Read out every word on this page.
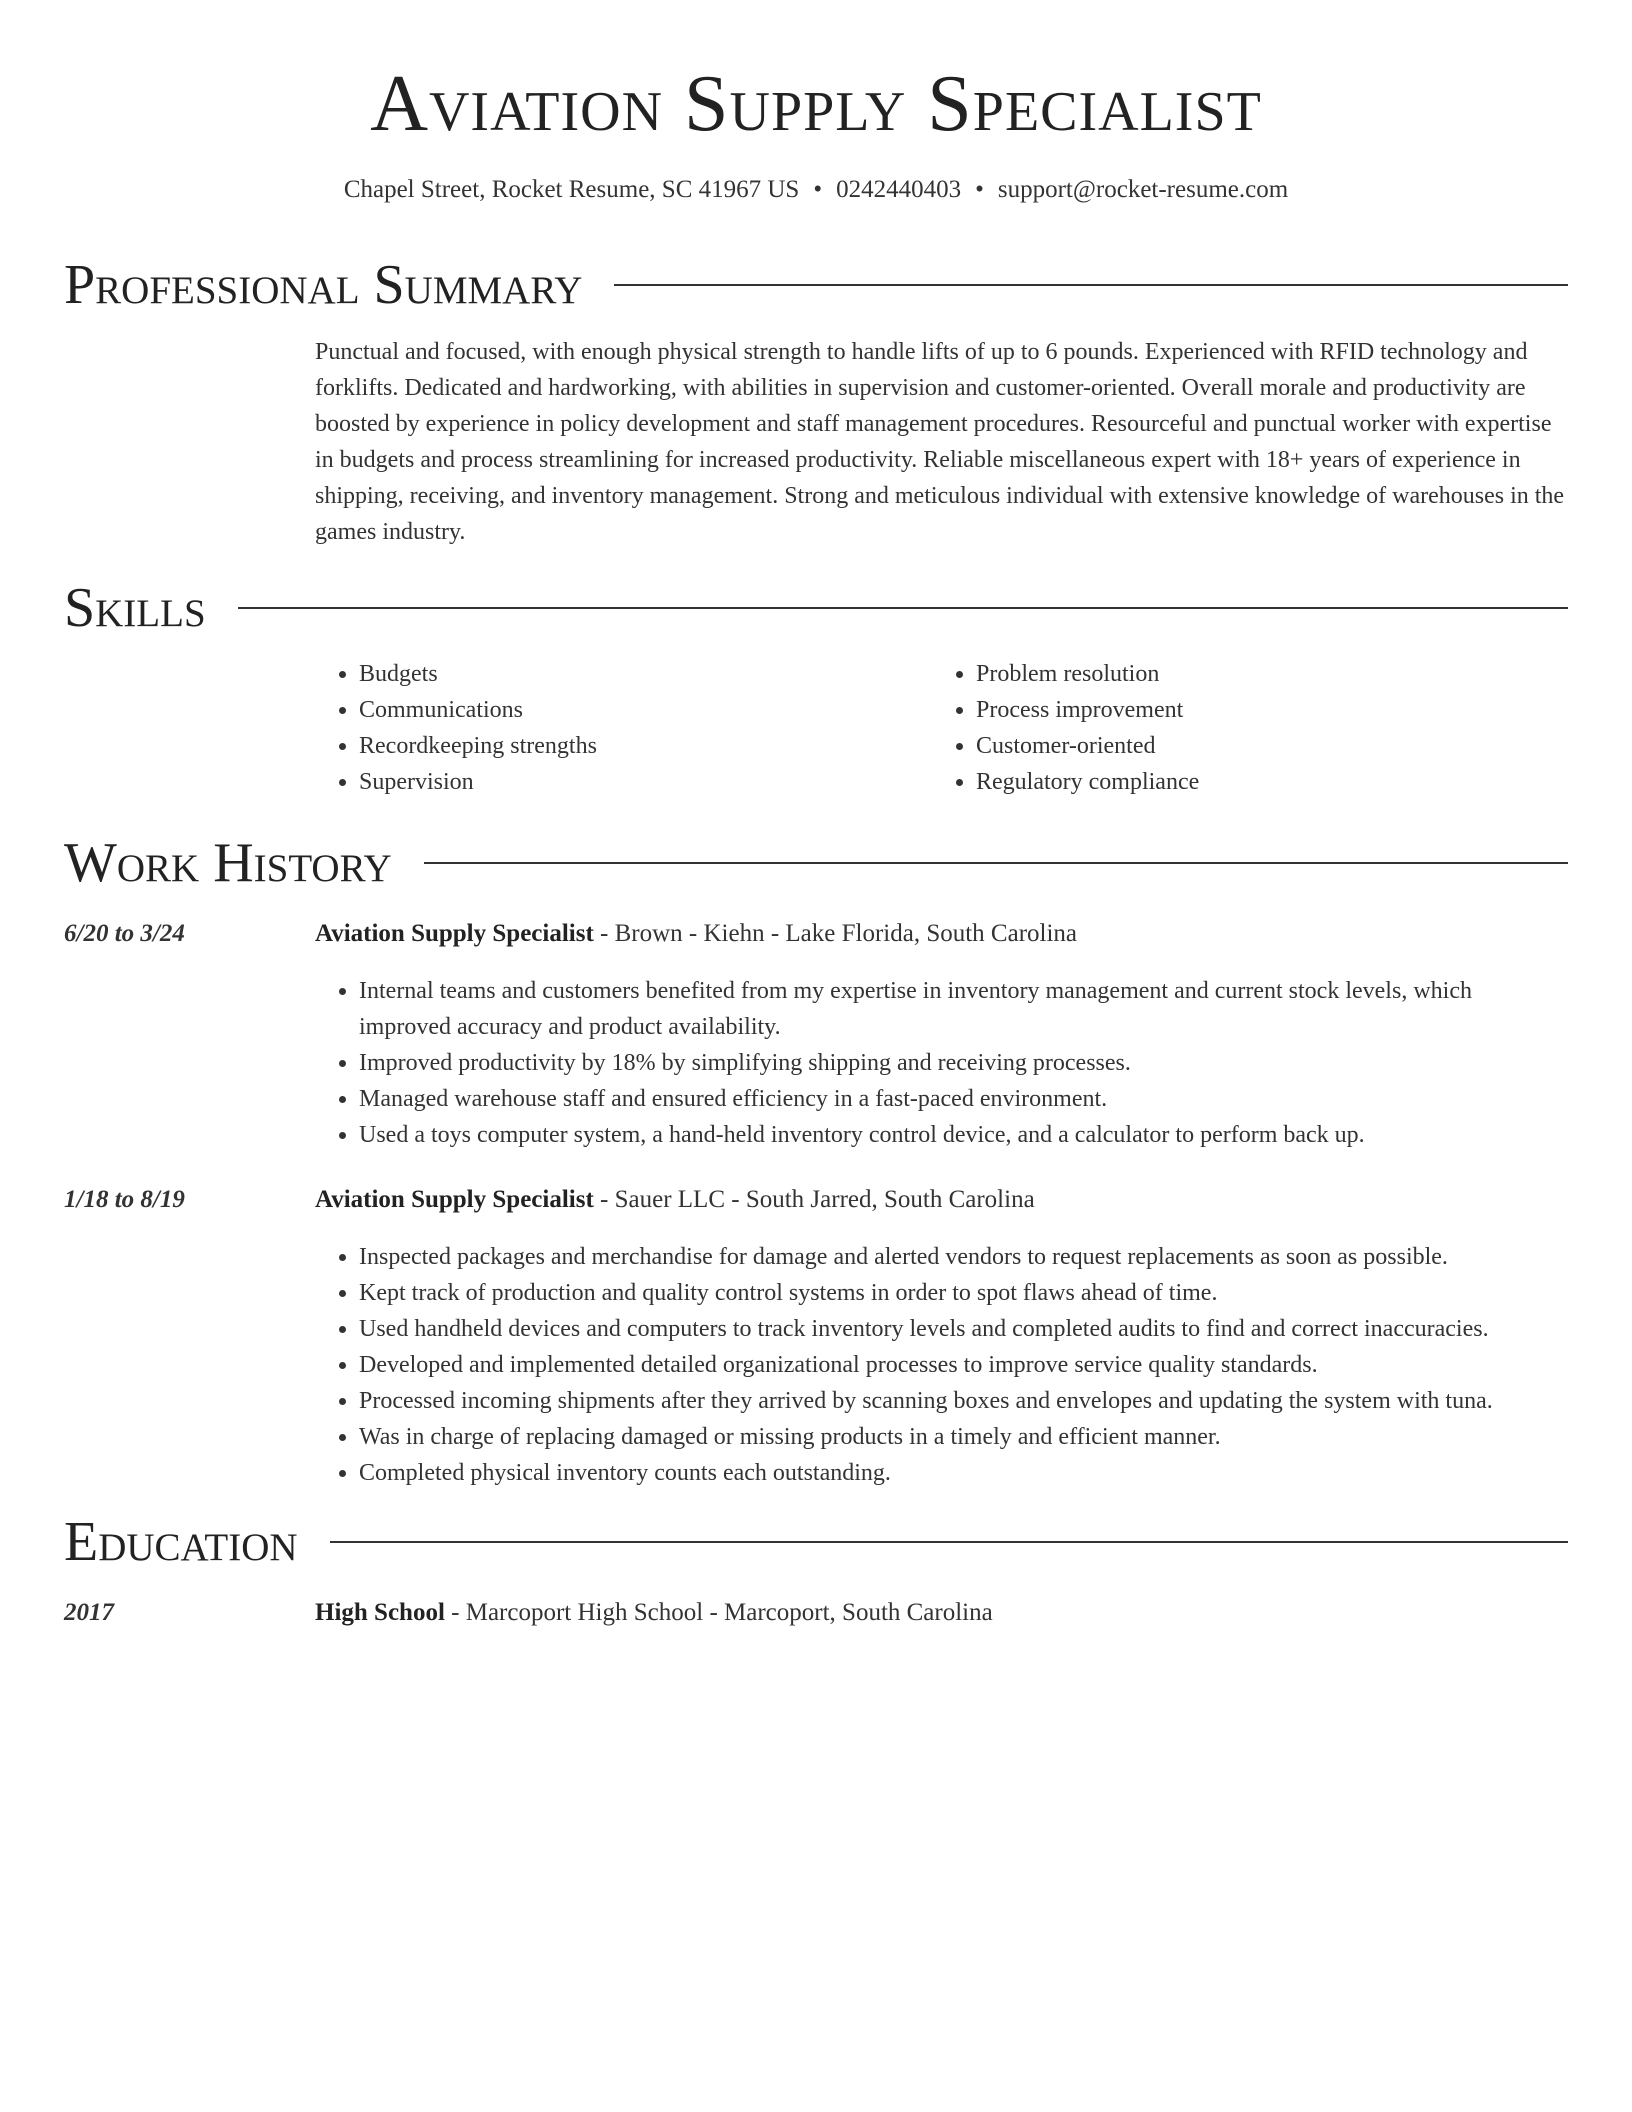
Aviation Supply Specialist
Chapel Street, Rocket Resume, SC 41967 US • 0242440403 • support@rocket-resume.com
Professional Summary

Punctual and focused, with enough physical strength to handle lifts of up to 6 pounds. Experienced with RFID technology and forklifts. Dedicated and hardworking, with abilities in supervision and customer-oriented. Overall morale and productivity are boosted by experience in policy development and staff management procedures. Resourceful and punctual worker with expertise in budgets and process streamlining for increased productivity. Reliable miscellaneous expert with 18+ years of experience in shipping, receiving, and inventory management. Strong and meticulous individual with extensive knowledge of warehouses in the games industry.

Skills
• Budgets
• Communications
• Recordkeeping strengths
• Supervision
• Problem resolution
• Process improvement
• Customer-oriented
• Regulatory compliance
Work History
6/20 to 3/24	Aviation Supply Specialist - Brown - Kiehn - Lake Florida, South Carolina
• Internal teams and customers benefited from my expertise in inventory management and current stock levels, which improved accuracy and product availability.
• Improved productivity by 18% by simplifying shipping and receiving processes.
• Managed warehouse staff and ensured efficiency in a fast-paced environment.
• Used a toys computer system, a hand-held inventory control device, and a calculator to perform back up.
1/18 to 8/19	Aviation Supply Specialist - Sauer LLC - South Jarred, South Carolina
• Inspected packages and merchandise for damage and alerted vendors to request replacements as soon as possible.
• Kept track of production and quality control systems in order to spot flaws ahead of time.
• Used handheld devices and computers to track inventory levels and completed audits to find and correct inaccuracies.
• Developed and implemented detailed organizational processes to improve service quality standards.
• Processed incoming shipments after they arrived by scanning boxes and envelopes and updating the system with tuna.
• Was in charge of replacing damaged or missing products in a timely and efficient manner.
• Completed physical inventory counts each outstanding.
Education
2017	High School - Marcoport High School - Marcoport, South Carolina
